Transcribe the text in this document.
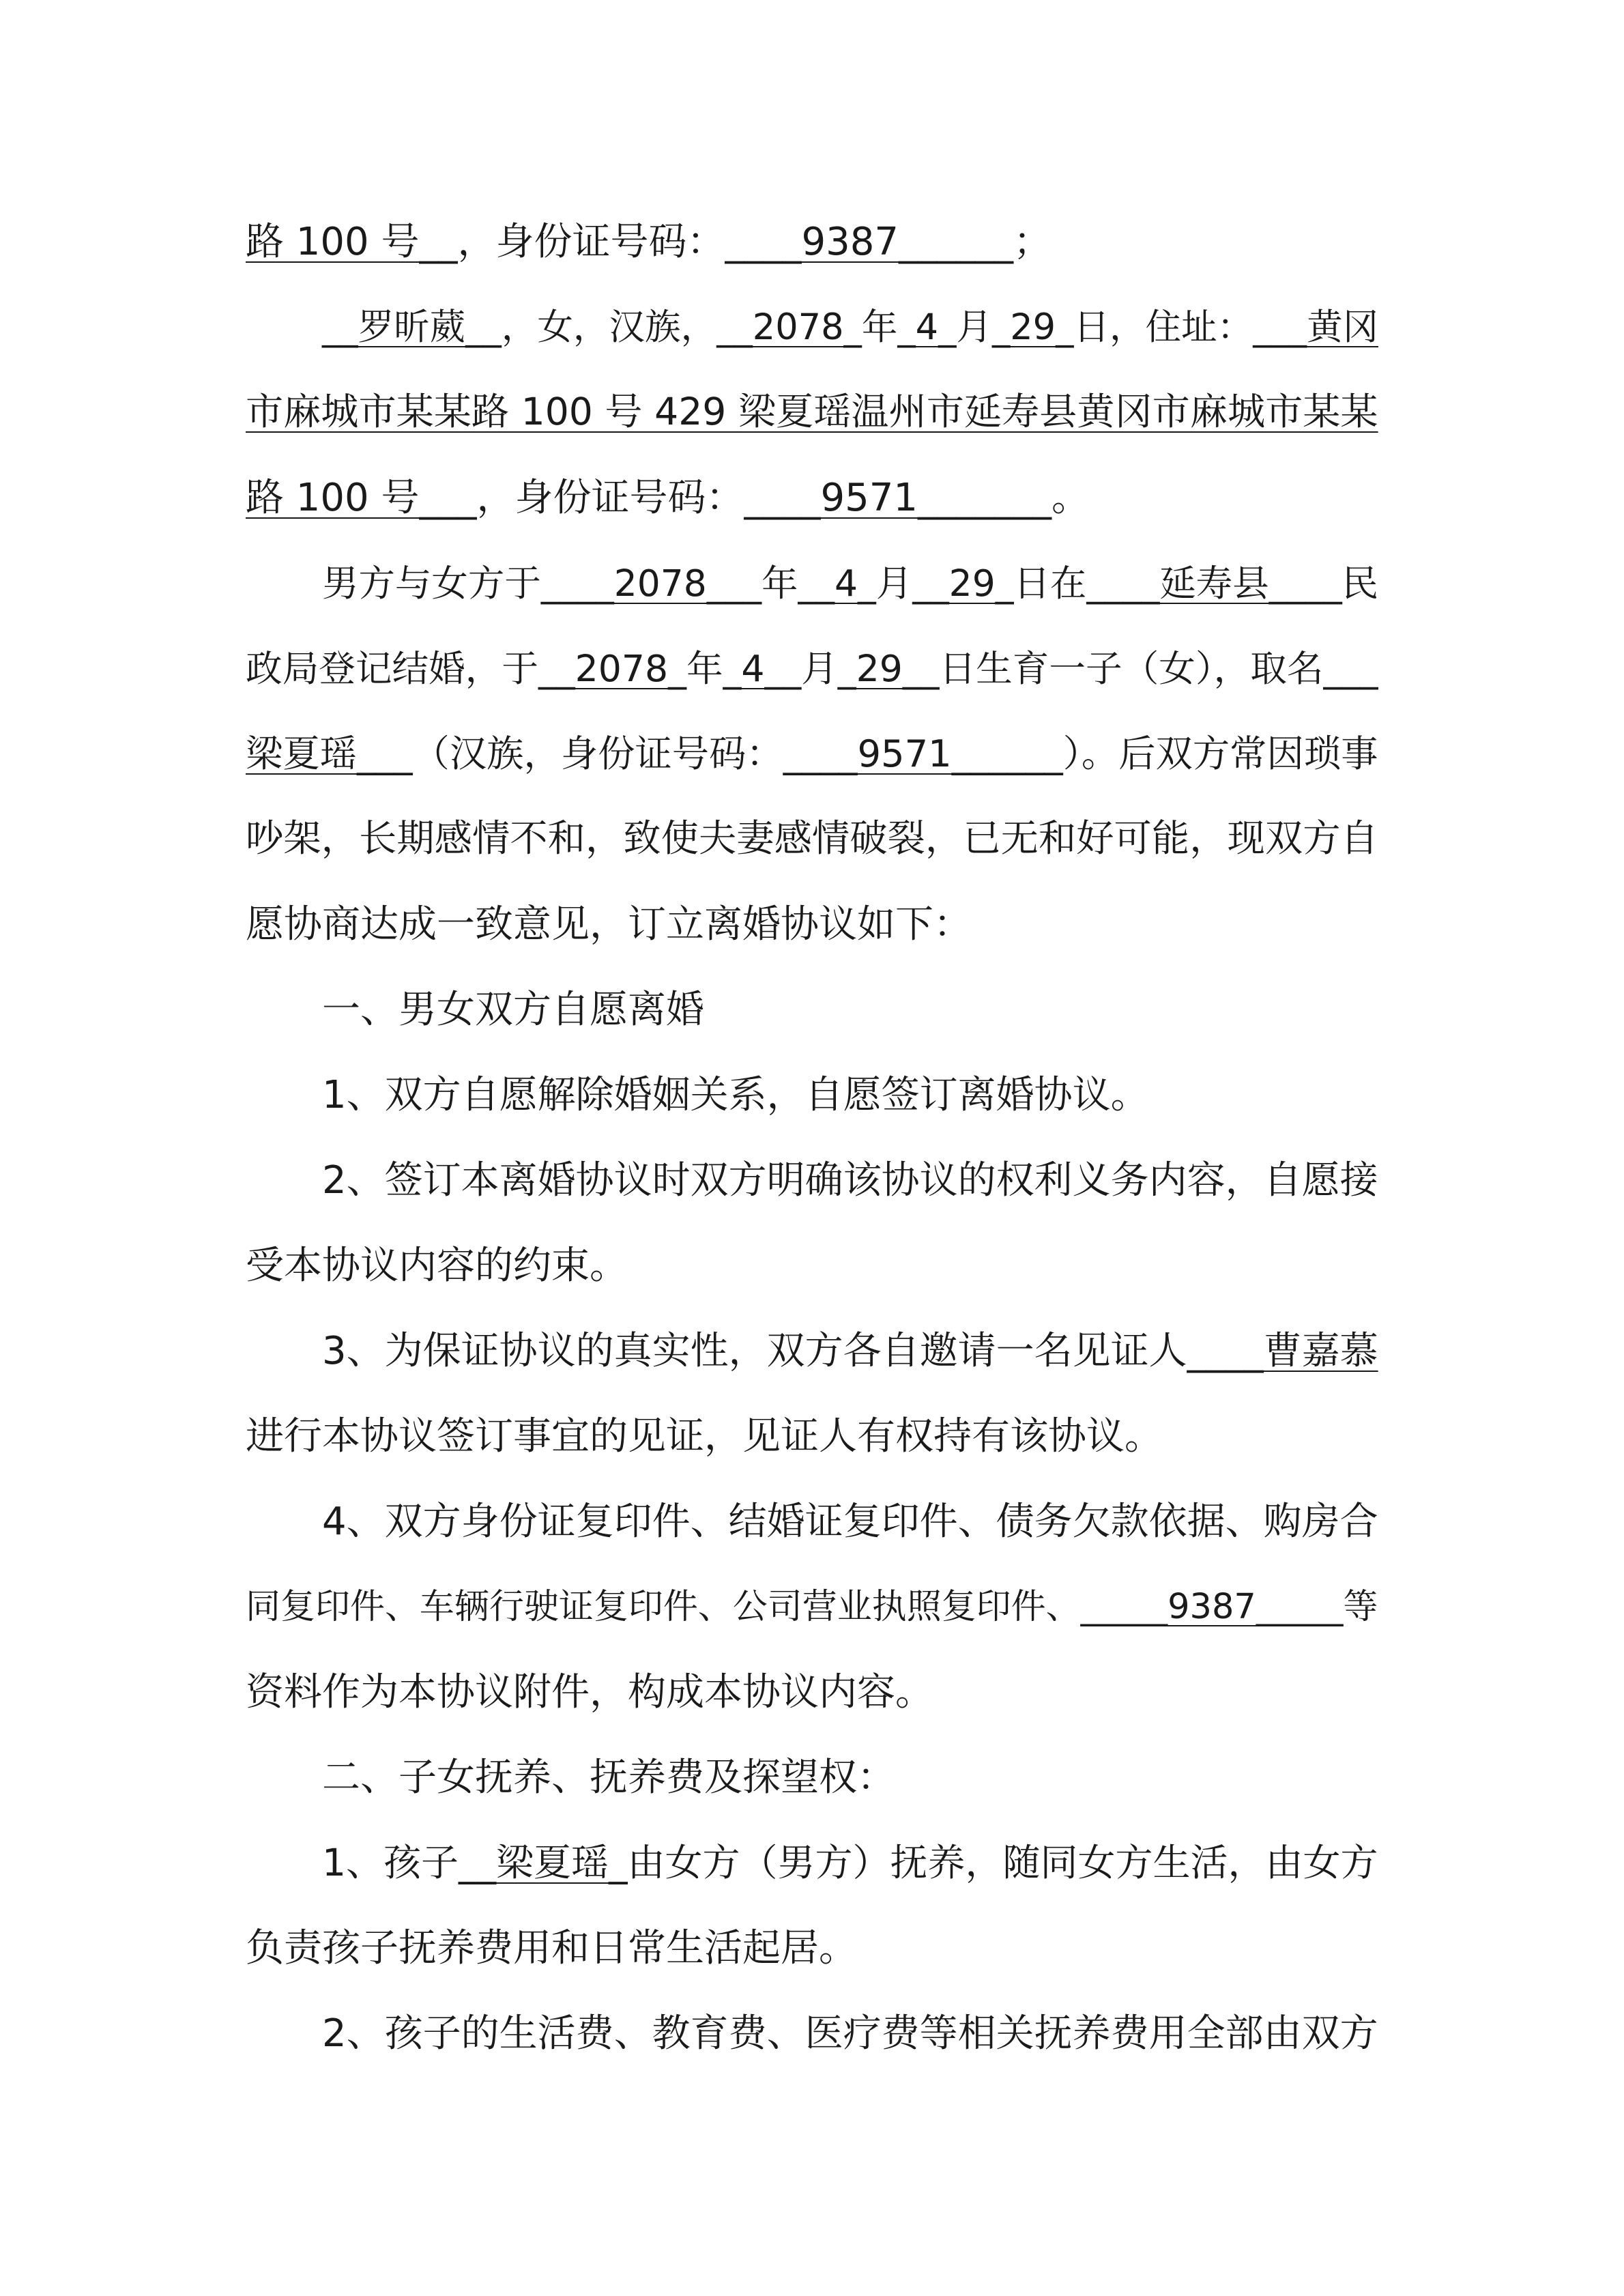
路 100 号__，身份证号码：____9387______；
__罗昕葳__，女，汉族，__2078_年_4_月_29_日，住址：___黄冈
市麻城市某某路 100 号 429 梁夏瑶温州市延寿县黄冈市麻城市某某
路 100 号___，身份证号码：____9571_______。
男方与女方于____2078___年__4_月__29_日在____延寿县____民
政局登记结婚，于__2078_年_4__月_29__日生育一子（女），取名___
梁夏瑶___（汉族，身份证号码：____9571______）。后双方常因琐事
吵架，长期感情不和，致使夫妻感情破裂，已无和好可能，现双方自
愿协商达成一致意见，订立离婚协议如下：
一、男女双方自愿离婚
1、双方自愿解除婚姻关系，自愿签订离婚协议。
2、签订本离婚协议时双方明确该协议的权利义务内容，自愿接
受本协议内容的约束。
3、为保证协议的真实性，双方各自邀请一名见证人____曹嘉慕
进行本协议签订事宜的见证，见证人有权持有该协议。
4、双方身份证复印件、结婚证复印件、债务欠款依据、购房合
同复印件、车辆行驶证复印件、公司营业执照复印件、_____9387_____等
资料作为本协议附件，构成本协议内容。
二、子女抚养、抚养费及探望权：
1、孩子__梁夏瑶_由女方（男方）抚养，随同女方生活，由女方
负责孩子抚养费用和日常生活起居。
2、孩子的生活费、教育费、医疗费等相关抚养费用全部由双方
